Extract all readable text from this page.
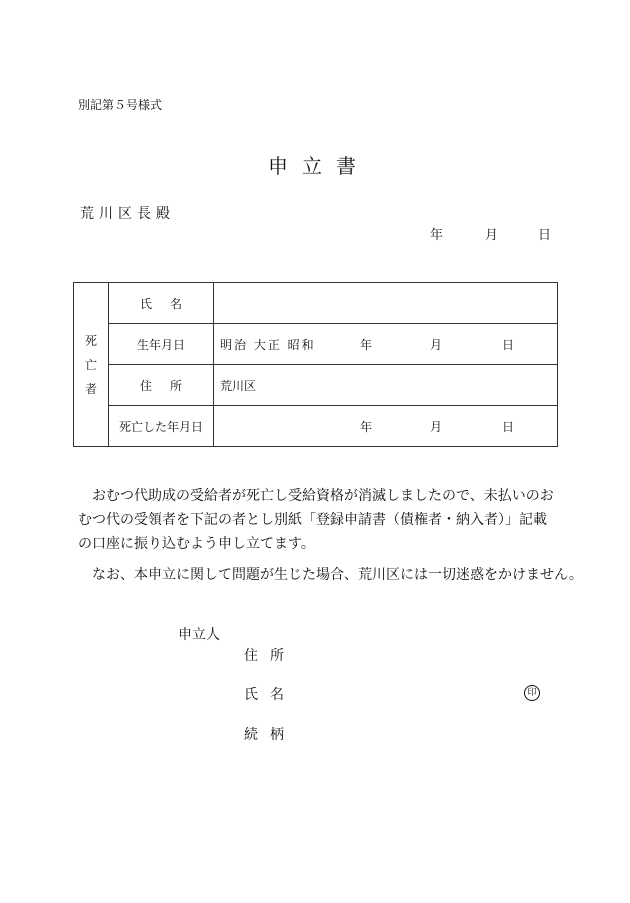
別記第５号様式
申立書
荒川区長殿
年	月	日
死
亡
者	氏名	

	生年月日	明治 大正 昭和 年 月 日

	住所	荒川区

	死亡した年月日	年 月 日
おむつ代助成の受給者が死亡し受給資格が消滅しましたので、未払いのおむつ代の受領者を下記の者とし別紙「登録申請書（債権者・納入者）」記載の口座に振り込むよう申し立てます。
なお、本申立に関して問題が生じた場合、荒川区には一切迷惑をかけません。
申立人
住所
氏名
続柄
印
